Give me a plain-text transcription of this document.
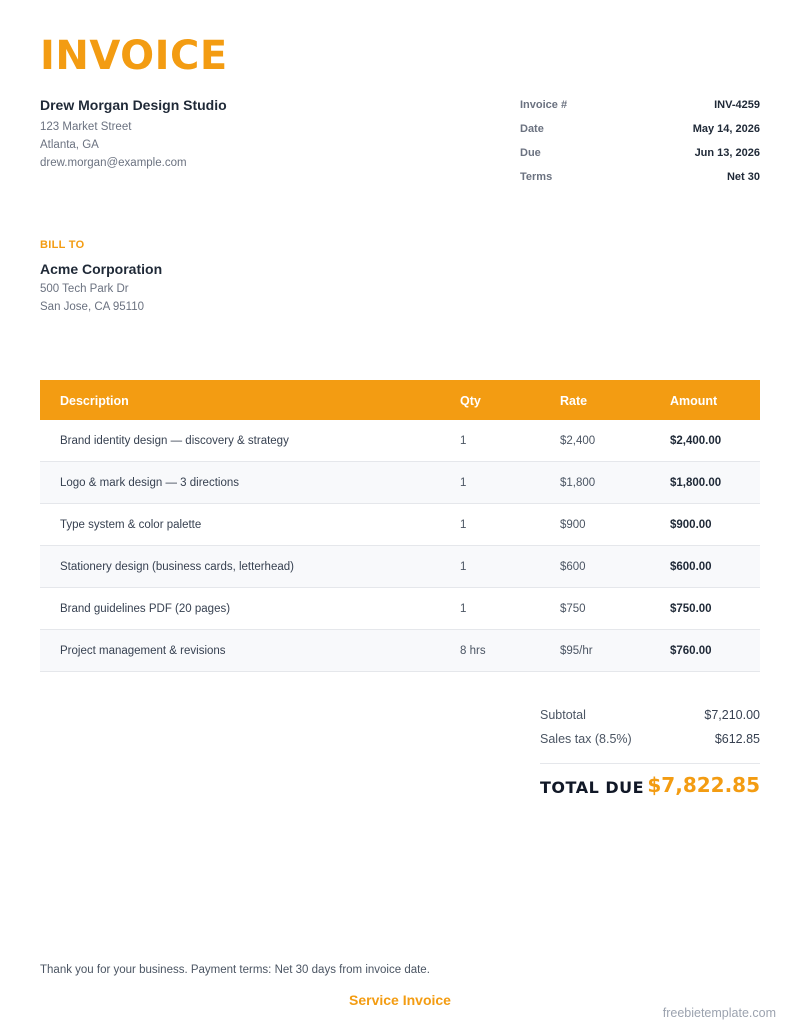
INVOICE
Drew Morgan Design Studio
123 Market Street
Atlanta, GA
drew.morgan@example.com
Invoice #	INV-4259
Date	May 14, 2026
Due	Jun 13, 2026
Terms	Net 30
BILL TO
Acme Corporation
500 Tech Park Dr
San Jose, CA 95110
Description	Qty	Rate	Amount
Brand identity design — discovery & strategy	1	$2,400	$2,400.00
Logo & mark design — 3 directions	1	$1,800	$1,800.00
Type system & color palette	1	$900	$900.00
Stationery design (business cards, letterhead)	1	$600	$600.00
Brand guidelines PDF (20 pages)	1	$750	$750.00
Project management & revisions	8 hrs	$95/hr	$760.00
Subtotal	$7,210.00
Sales tax (8.5%)	$612.85
TOTAL DUE $7,822.85
Thank you for your business. Payment terms: Net 30 days from invoice date.
Service Invoice
freebietemplate.com
